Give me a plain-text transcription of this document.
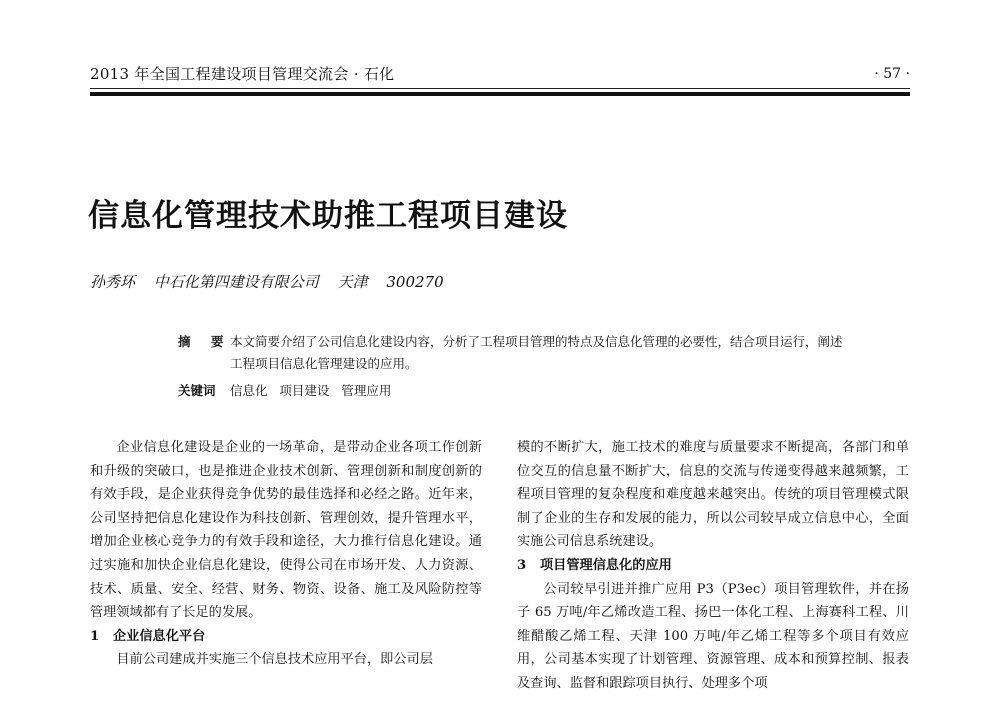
2013 年全国工程建设项目管理交流会 · 石化	· 57 ·
信息化管理技术助推工程项目建设
孙秀环 中石化第四建设有限公司 天津 300270
摘 要
本文简要介绍了公司信息化建设内容，分析了工程项目管理的特点及信息化管理的必要性，结合项目运行，阐述工程项目信息化管理建设的应用。
关键词 信息化   项目建设   管理应用

企业信息化建设是企业的一场革命，是带动企业各项工作创新和升级的突破口，也是推进企业技术创新、管理创新和制度创新的有效手段，是企业获得竞争优势的最佳选择和必经之路。近年来，公司坚持把信息化建设作为科技创新、管理创效，提升管理水平，增加企业核心竞争力的有效手段和途径，大力推行信息化建设。通过实施和加快企业信息化建设，使得公司在市场开发、人力资源、技术、质量、安全、经营、财务、物资、设备、施工及风险防控等管理领域都有了长足的发展。

1   企业信息化平台

目前公司建成并实施三个信息技术应用平台，即公司层

模的不断扩大，施工技术的难度与质量要求不断提高，各部门和单位交互的信息量不断扩大，信息的交流与传递变得越来越频繁，工程项目管理的复杂程度和难度越来越突出。传统的项目管理模式限制了企业的生存和发展的能力，所以公司较早成立信息中心，全面实施公司信息系统建设。

3   项目管理信息化的应用

公司较早引进并推广应用 P3（P3ec）项目管理软件，并在扬子 65 万吨/年乙烯改造工程、扬巴一体化工程、上海赛科工程、川维醋酸乙烯工程、天津 100 万吨/年乙烯工程等多个项目有效应用，公司基本实现了计划管理、资源管理、成本和预算控制、报表及查询、监督和跟踪项目执行、处理多个项
